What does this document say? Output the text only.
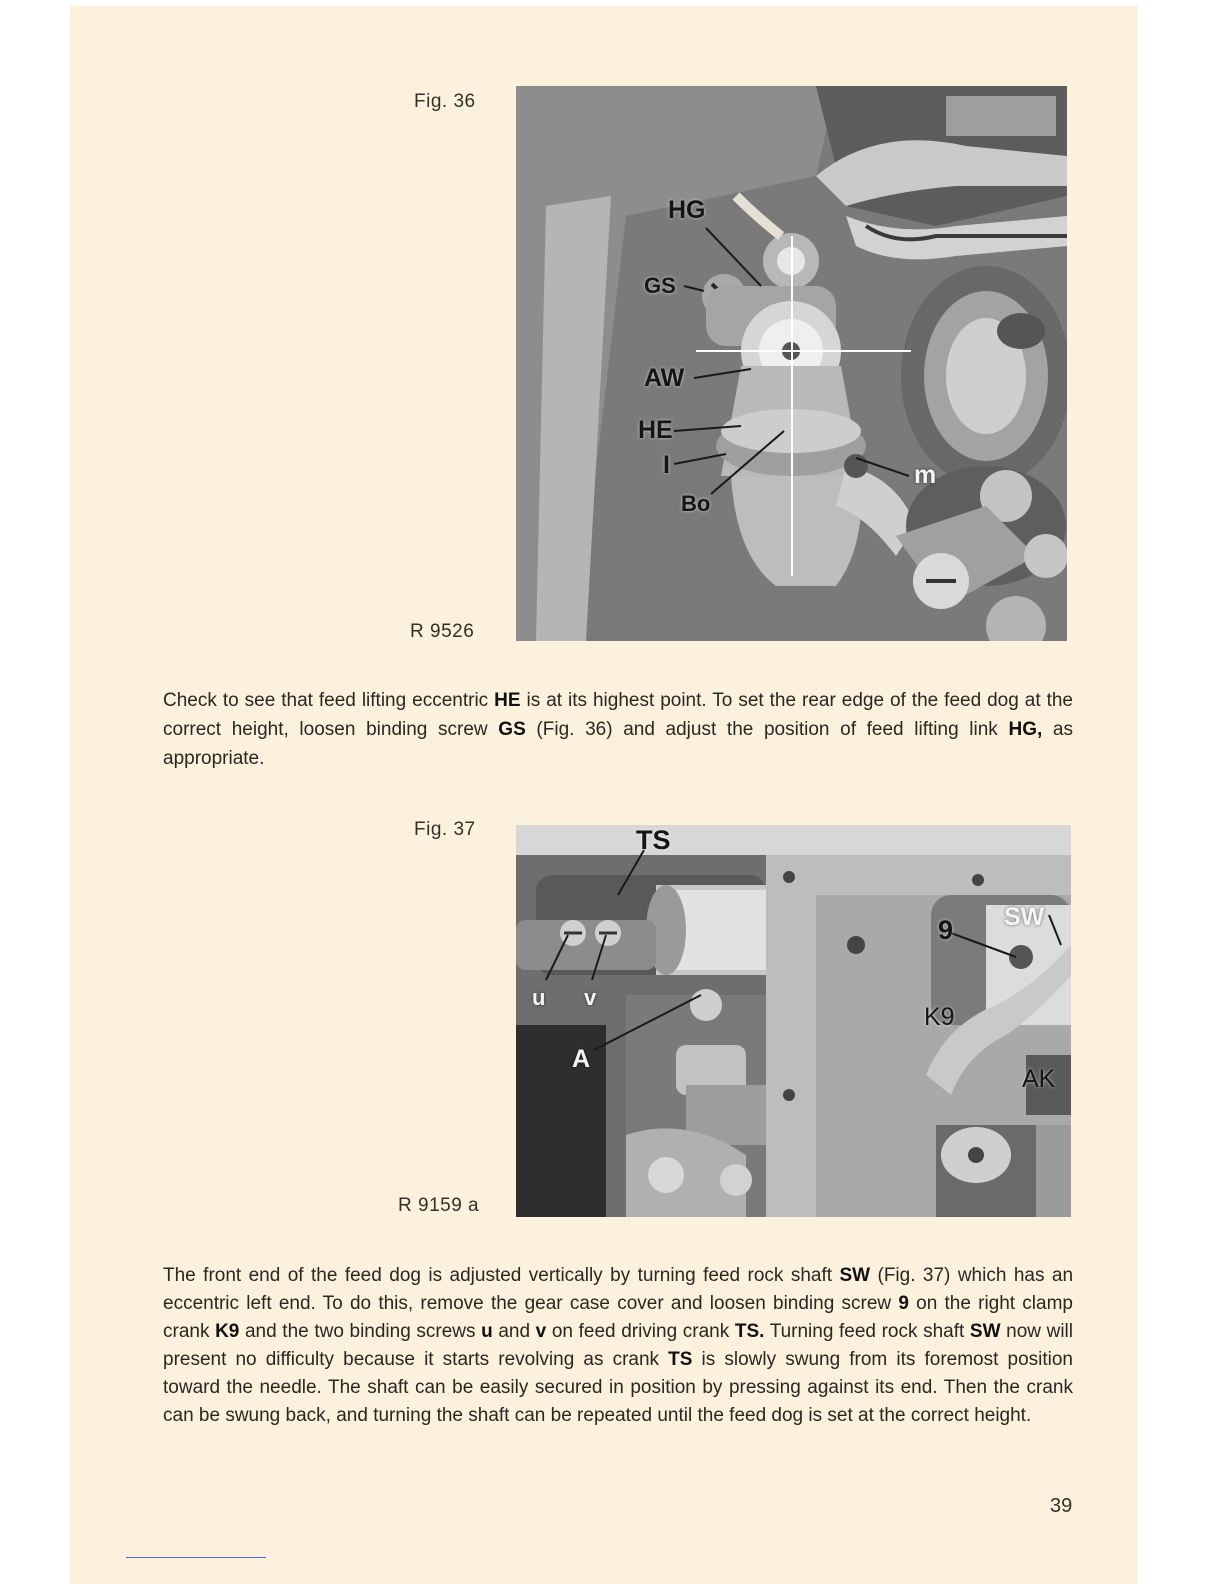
Fig. 36
R 9526
HG
GS
AW
HE
I
Bo
m
Check to see that feed lifting eccentric HE is at its highest point. To set the rear edge of the feed dog at the correct height, loosen binding screw GS (Fig. 36) and adjust the position of feed lifting link HG, as appropriate.
Fig. 37
R 9159 a
TS
u v
A
9 SW
K9
AK
The front end of the feed dog is adjusted vertically by turning feed rock shaft SW (Fig. 37) which has an eccentric left end. To do this, remove the gear case cover and loosen binding screw 9 on the right clamp crank K9 and the two binding screws u and v on feed driving crank TS. Turning feed rock shaft SW now will present no difficulty because it starts revolving as crank TS is slowly swung from its foremost position toward the needle. The shaft can be easily secured in position by pressing against its end. Then the crank can be swung back, and turning the shaft can be repeated until the feed dog is set at the correct height.
39
